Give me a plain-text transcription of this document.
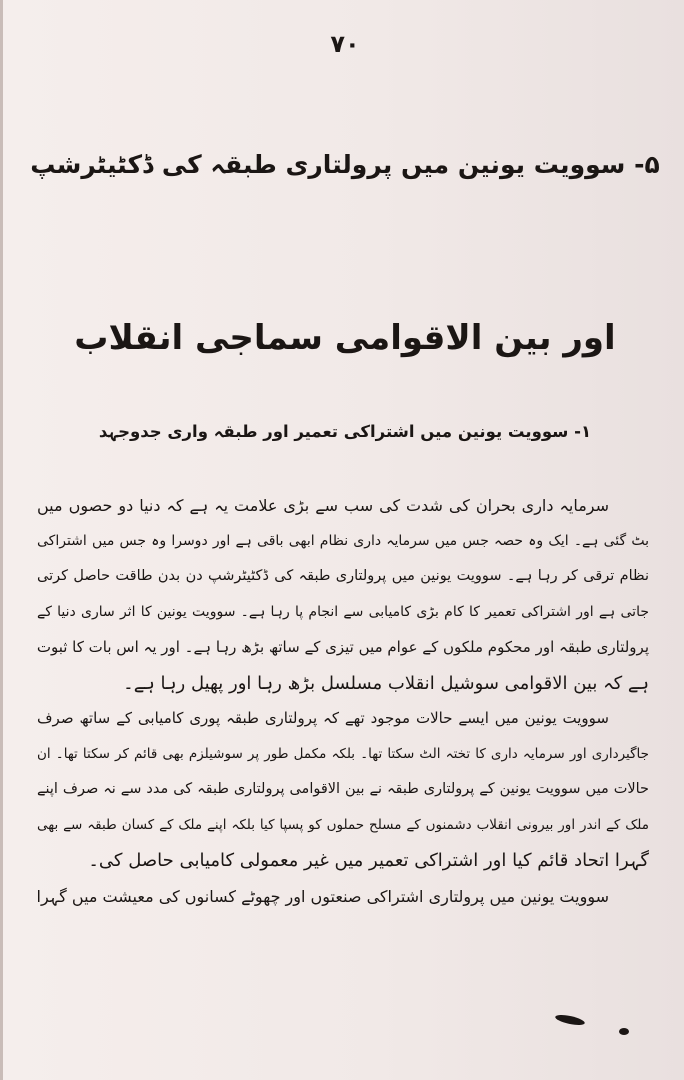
۷۰
۵- سوویت یونین میں پرولتاری طبقہ کی ڈکٹیٹرشپ
اور بین الاقوامی سماجی انقلاب
۱- سوویت یونین میں اشتراکی تعمیر اور طبقہ واری جدوجہد
سرمایہ داری بحران کی شدت کی سب سے بڑی علامت یہ ہے کہ دنیا دو حصوں میں
بٹ گئی ہے۔ ایک وہ حصہ جس میں سرمایہ داری نظام ابھی باقی ہے اور دوسرا وہ جس میں اشتراکی
نظام ترقی کر رہا ہے۔ سوویت یونین میں پرولتاری طبقہ کی ڈکٹیٹرشپ دن بدن طاقت حاصل کرتی
جاتی ہے اور اشتراکی تعمیر کا کام بڑی کامیابی سے انجام پا رہا ہے۔ سوویت یونین کا اثر ساری دنیا کے
پرولتاری طبقہ اور محکوم ملکوں کے عوام میں تیزی کے ساتھ بڑھ رہا ہے۔ اور یہ اس بات کا ثبوت
ہے کہ بین الاقوامی سوشیل انقلاب مسلسل بڑھ رہا اور پھیل رہا ہے۔
سوویت یونین میں ایسے حالات موجود تھے کہ پرولتاری طبقہ پوری کامیابی کے ساتھ صرف
جاگیرداری اور سرمایہ داری کا تختہ الٹ سکتا تھا۔ بلکہ مکمل طور پر سوشیلزم بھی قائم کر سکتا تھا۔ ان
حالات میں سوویت یونین کے پرولتاری طبقہ نے بین الاقوامی پرولتاری طبقہ کی مدد سے نہ صرف اپنے
ملک کے اندر اور بیرونی انقلاب دشمنوں کے مسلح حملوں کو پسپا کیا بلکہ اپنے ملک کے کسان طبقہ سے بھی
گہرا اتحاد قائم کیا اور اشتراکی تعمیر میں غیر معمولی کامیابی حاصل کی۔
سوویت یونین میں پرولتاری اشتراکی صنعتوں اور چھوٹے کسانوں کی معیشت میں گہرا
